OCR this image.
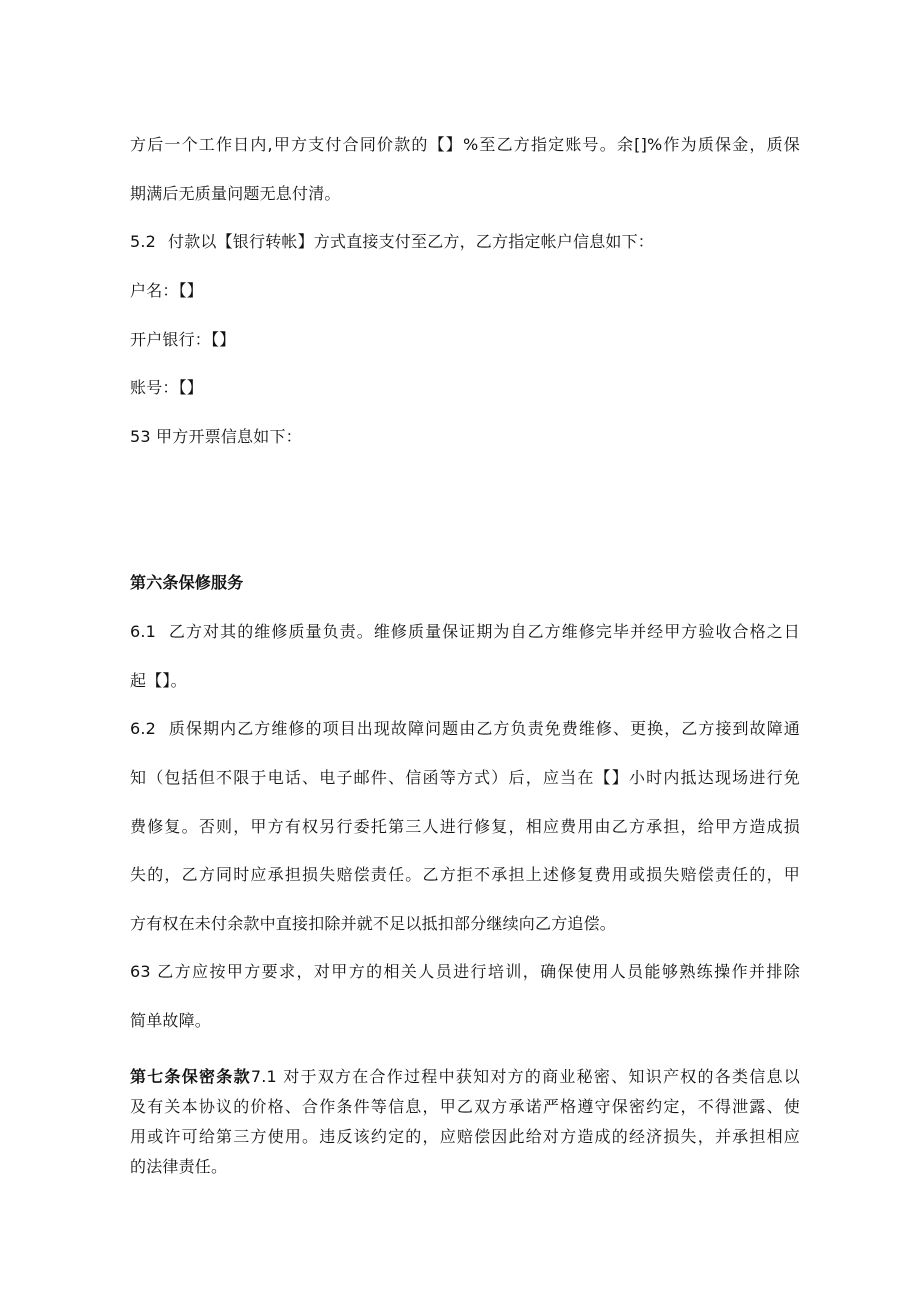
方后一个工作日内,甲方支付合同价款的【】%至乙方指定账号。余[]%作为质保金，质保
期满后无质量问题无息付清。
5.2 付款以【银行转帐】方式直接支付至乙方，乙方指定帐户信息如下：
户名：【】
开户银行：【】
账号：【】
53 甲方开票信息如下：
第六条保修服务
6.1 乙方对其的维修质量负责。维修质量保证期为自乙方维修完毕并经甲方验收合格之日
起【】。
6.2 质保期内乙方维修的项目出现故障问题由乙方负责免费维修、更换，乙方接到故障通
知（包括但不限于电话、电子邮件、信函等方式）后，应当在【】小时内抵达现场进行免
费修复。否则，甲方有权另行委托第三人进行修复，相应费用由乙方承担，给甲方造成损
失的，乙方同时应承担损失赔偿责任。乙方拒不承担上述修复费用或损失赔偿责任的，甲
方有权在未付余款中直接扣除并就不足以抵扣部分继续向乙方追偿。
63 乙方应按甲方要求，对甲方的相关人员进行培训，确保使用人员能够熟练操作并排除
简单故障。
第七条保密条款7.1 对于双方在合作过程中获知对方的商业秘密、知识产权的各类信息以
及有关本协议的价格、合作条件等信息，甲乙双方承诺严格遵守保密约定，不得泄露、使
用或许可给第三方使用。违反该约定的，应赔偿因此给对方造成的经济损失，并承担相应
的法律责任。
